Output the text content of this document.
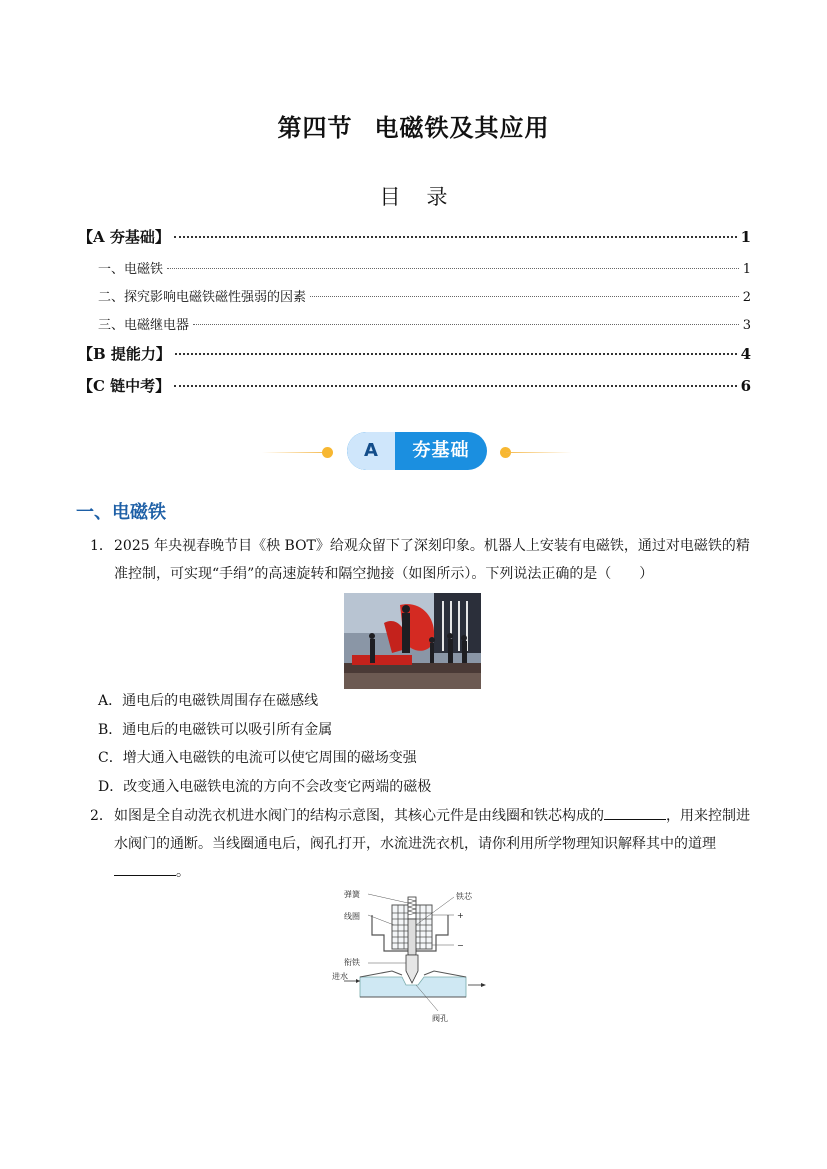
第四节 电磁铁及其应用
目录
【A 夯基础】	1
一、电磁铁	1
二、探究影响电磁铁磁性强弱的因素	2
三、电磁继电器	3
【B 提能力】	4
【C 链中考】	6
A	夯基础
一、电磁铁
1． 2025 年央视春晚节目《秧 BOT》给观众留下了深刻印象。机器人上安装有电磁铁，通过对电磁铁的精准控制，可实现“手绢”的高速旋转和隔空抛接（如图所示）。下列说法正确的是（　　）
A．通电后的电磁铁周围存在磁感线
B．通电后的电磁铁可以吸引所有金属
C．增大通入电磁铁的电流可以使它周围的磁场变强
D．改变通入电磁铁电流的方向不会改变它两端的磁极
2． 如图是全自动洗衣机进水阀门的结构示意图，其核心元件是由线圈和铁芯构成的	，用来控制进水阀门的通断。当线圈通电后，阀孔打开，水流进洗衣机，请你利用所学物理知识解释其中的道理。
弹簧	铁芯
线圈	+
−
衔铁
进水
阀孔
